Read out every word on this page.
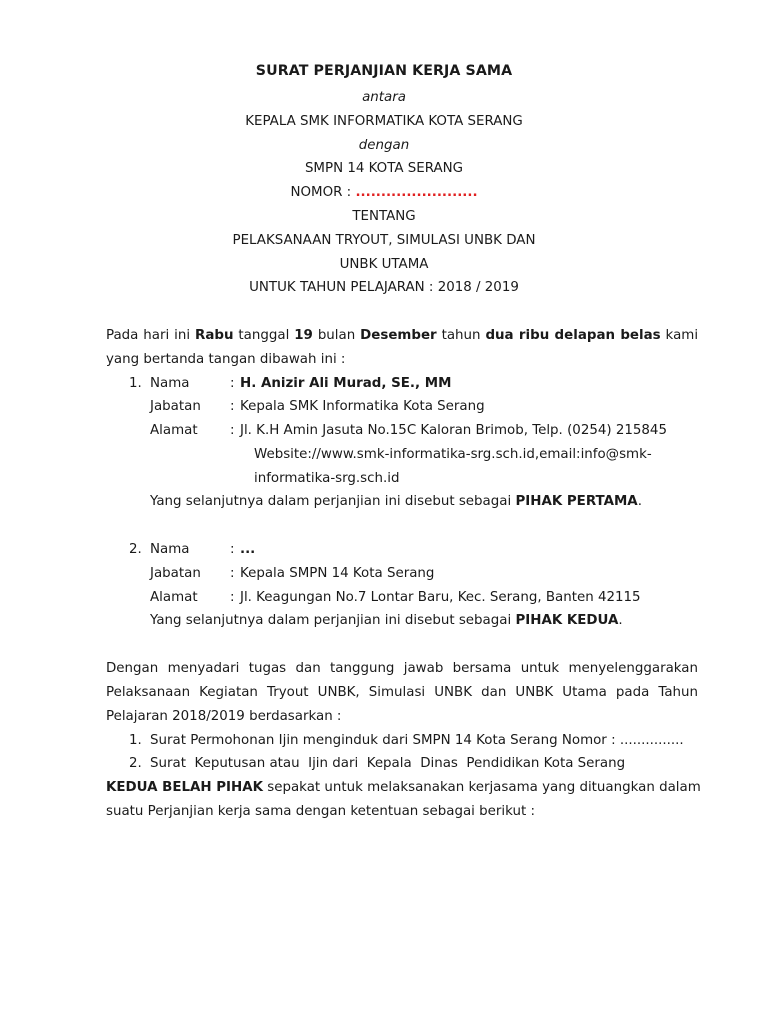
SURAT PERJANJIAN KERJA SAMA
antara
KEPALA SMK INFORMATIKA KOTA SERANG
dengan
SMPN 14 KOTA SERANG
NOMOR : ........................
TENTANG
PELAKSANAAN TRYOUT, SIMULASI UNBK DAN
UNBK UTAMA
UNTUK TAHUN PELAJARAN : 2018 / 2019
Pada hari ini Rabu tanggal 19 bulan Desember tahun dua ribu delapan belas kami
yang bertanda tangan dibawah ini :
1. Nama	: H. Anizir Ali Murad, SE., MM
Jabatan : Kepala SMK Informatika Kota Serang
Alamat : Jl. K.H Amin Jasuta No.15C Kaloran Brimob, Telp. (0254) 215845
Website://www.smk-informatika-srg.sch.id,email:info@smk-
informatika-srg.sch.id
Yang selanjutnya dalam perjanjian ini disebut sebagai PIHAK PERTAMA.
2. Nama	: ...
Jabatan : Kepala SMPN 14 Kota Serang
Alamat : Jl. Keagungan No.7 Lontar Baru, Kec. Serang, Banten 42115
Yang selanjutnya dalam perjanjian ini disebut sebagai PIHAK KEDUA.
Dengan menyadari tugas dan tanggung jawab bersama untuk menyelenggarakan
Pelaksanaan Kegiatan Tryout UNBK, Simulasi UNBK dan UNBK Utama pada Tahun
Pelajaran 2018/2019 berdasarkan :
1. Surat Permohonan Ijin menginduk dari SMPN 14 Kota Serang Nomor : ...............
2. Surat  Keputusan atau  Ijin dari  Kepala  Dinas  Pendidikan Kota Serang
KEDUA BELAH PIHAK sepakat untuk melaksanakan kerjasama yang dituangkan dalam
suatu Perjanjian kerja sama dengan ketentuan sebagai berikut :
